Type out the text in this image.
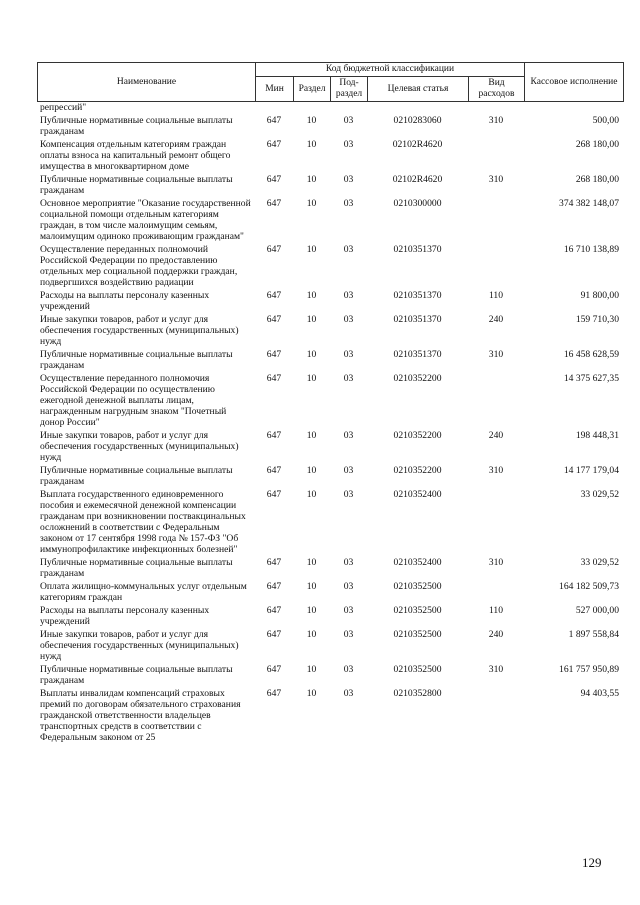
Наименование	Код бюджетной классификации					Кассовое исполнение
	Мин	Раздел	Под- раздел	Целевая статья	Вид расходов	
репрессий"						
Публичные нормативные социальные выплаты гражданам	647	10	03	0210283060	310	500,00
Компенсация отдельным категориям граждан оплаты взноса на капитальный ремонт общего имущества в многоквартирном доме	647	10	03	02102R4620		268 180,00
Публичные нормативные социальные выплаты гражданам	647	10	03	02102R4620	310	268 180,00
Основное мероприятие "Оказание государственной социальной помощи отдельным категориям граждан, в том числе малоимущим семьям, малоимущим одиноко проживающим гражданам"	647	10	03	0210300000		374 382 148,07
Осуществление переданных полномочий Российской Федерации по предоставлению отдельных мер социальной поддержки граждан, подвергшихся воздействию радиации	647	10	03	0210351370		16 710 138,89
Расходы на выплаты персоналу казенных учреждений	647	10	03	0210351370	110	91 800,00
Иные закупки товаров, работ и услуг для обеспечения государственных (муниципальных) нужд	647	10	03	0210351370	240	159 710,30
Публичные нормативные социальные выплаты гражданам	647	10	03	0210351370	310	16 458 628,59
Осуществление переданного полномочия Российской Федерации по осуществлению ежегодной денежной выплаты лицам, награжденным нагрудным знаком "Почетный донор России"	647	10	03	0210352200		14 375 627,35
Иные закупки товаров, работ и услуг для обеспечения государственных (муниципальных) нужд	647	10	03	0210352200	240	198 448,31
Публичные нормативные социальные выплаты гражданам	647	10	03	0210352200	310	14 177 179,04
Выплата государственного единовременного пособия и ежемесячной денежной компенсации гражданам при возникновении поствакцинальных осложнений в соответствии с Федеральным законом от 17 сентября 1998 года № 157-ФЗ "Об иммунопрофилактике инфекционных болезней"	647	10	03	0210352400		33 029,52
Публичные нормативные социальные выплаты гражданам	647	10	03	0210352400	310	33 029,52
Оплата жилищно-коммунальных услуг отдельным категориям граждан	647	10	03	0210352500		164 182 509,73
Расходы на выплаты персоналу казенных учреждений	647	10	03	0210352500	110	527 000,00
Иные закупки товаров, работ и услуг для обеспечения государственных (муниципальных) нужд	647	10	03	0210352500	240	1 897 558,84
Публичные нормативные социальные выплаты гражданам	647	10	03	0210352500	310	161 757 950,89
Выплаты инвалидам компенсаций страховых премий по договорам обязательного страхования гражданской ответственности владельцев транспортных средств в соответствии с Федеральным законом от 25	647	10	03	0210352800		94 403,55
129
